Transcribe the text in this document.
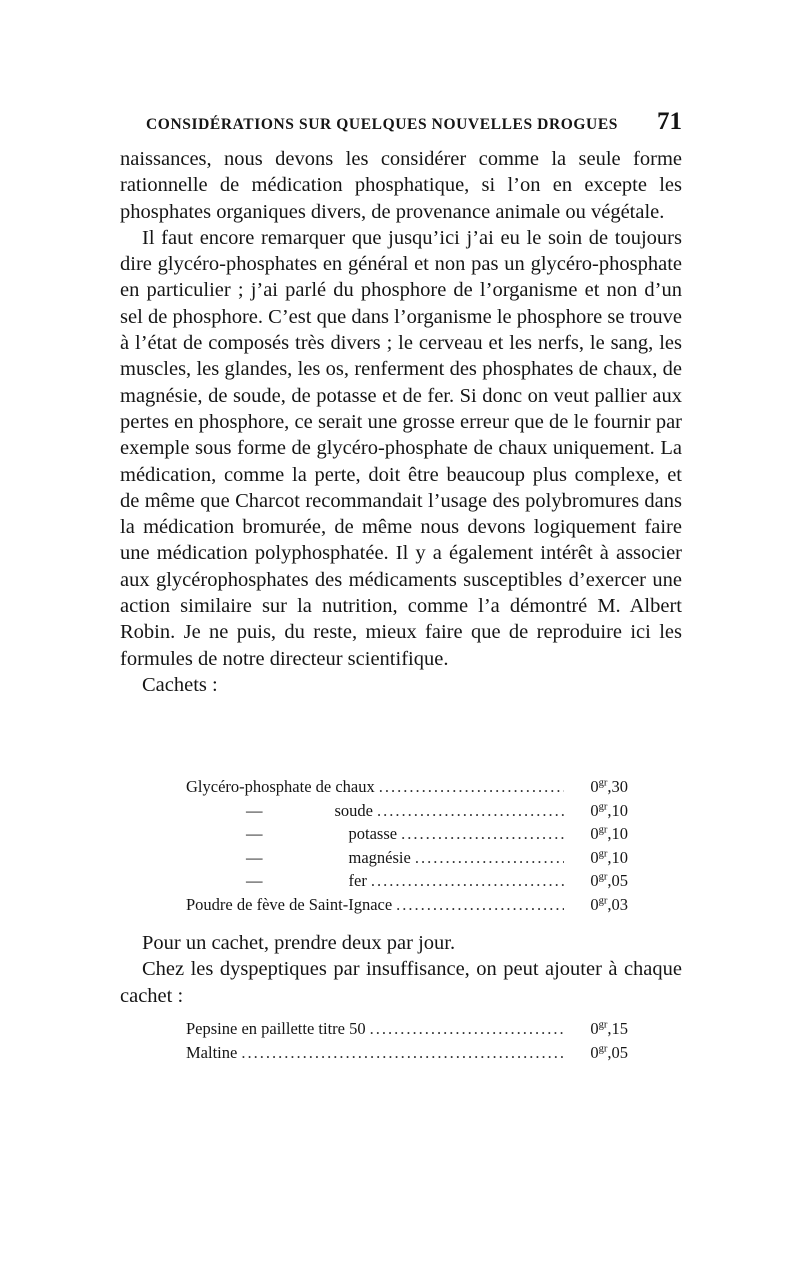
CONSIDÉRATIONS SUR QUELQUES NOUVELLES DROGUES 71

naissances, nous devons les considérer comme la seule forme rationnelle de médication phosphatique, si l’on en excepte les phosphates organiques divers, de provenance animale ou végétale.

Il faut encore remarquer que jusqu’ici j’ai eu le soin de toujours dire glycéro-phosphates en général et non pas un glycéro-phosphate en particulier ; j’ai parlé du phosphore de l’organisme et non d’un sel de phosphore. C’est que dans l’organisme le phosphore se trouve à l’état de composés très divers ; le cerveau et les nerfs, le sang, les muscles, les glandes, les os, renferment des phosphates de chaux, de magnésie, de soude, de potasse et de fer. Si donc on veut pallier aux pertes en phosphore, ce serait une grosse erreur que de le fournir par exemple sous forme de glycéro-phosphate de chaux uniquement. La médication, comme la perte, doit être beaucoup plus complexe, et de même que Charcot recommandait l’usage des polybromures dans la médication bromurée, de même nous devons logiquement faire une médication polyphosphatée. Il y a également intérêt à associer aux glycérophosphates des médicaments susceptibles d’exercer une action similaire sur la nutrition, comme l’a démontré M. Albert Robin. Je ne puis, du reste, mieux faire que de reproduire ici les formules de notre directeur scientifique.

Cachets :

Glycéro-phosphate de chaux .....	$0^{gr},30$
—	soude .....	$0^{gr},10$
—	potasse .....	$0^{gr},10$
—	magnésie .....	$0^{gr},10$
—	fer .....	$0^{gr},05$
Poudre de fève de Saint-Ignace .....	$0^{gr},03$

Pour un cachet, prendre deux par jour.

Chez les dyspeptiques par insuffisance, on peut ajouter à chaque cachet :

Pepsine en paillette titre 50 .....	$0^{gr},15$
Maltine .....	$0^{gr},05$
